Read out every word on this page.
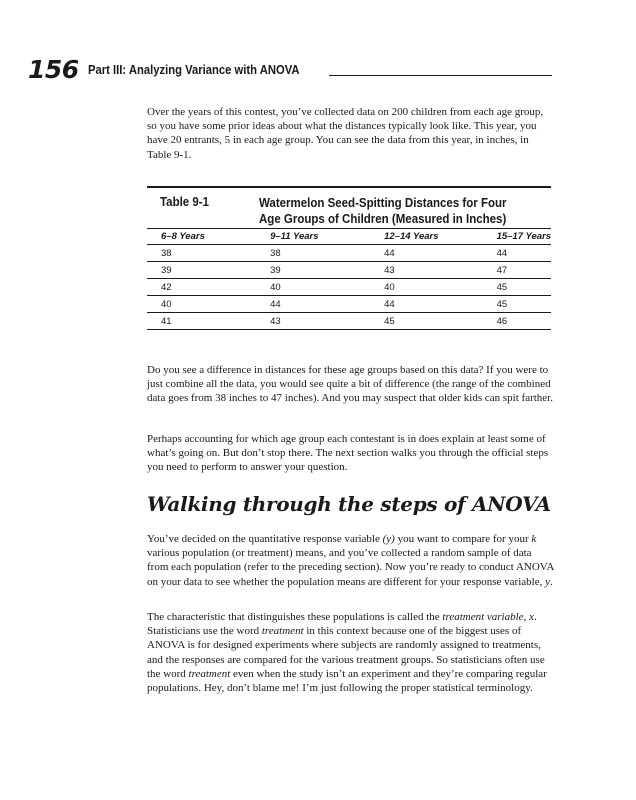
156 Part III: Analyzing Variance with ANOVA

Over the years of this contest, you’ve collected data on 200 children from each age group, so you have some prior ideas about what the distances typically look like. This year, you have 20 entrants, 5 in each age group. You can see the data from this year, in inches, in Table 9-1.

Table 9-1	Watermelon Seed-Spitting Distances for Four
Age Groups of Children (Measured in Inches)
6–8 Years	9–11 Years	12–14 Years	15–17 Years
38	38	44	44
39	39	43	47
42	40	40	45
40	44	44	45
41	43	45	46

Do you see a difference in distances for these age groups based on this data? If you were to just combine all the data, you would see quite a bit of difference (the range of the combined data goes from 38 inches to 47 inches). And you may suspect that older kids can spit farther.

Perhaps accounting for which age group each contestant is in does explain at least some of what’s going on. But don’t stop there. The next section walks you through the official steps you need to perform to answer your question.

Walking through the steps of ANOVA

You’ve decided on the quantitative response variable (y) you want to compare for your k various population (or treatment) means, and you’ve collected a random sample of data from each population (refer to the preceding section). Now you’re ready to conduct ANOVA on your data to see whether the population means are different for your response variable, y.

The characteristic that distinguishes these populations is called the treatment variable, x. Statisticians use the word treatment in this context because one of the biggest uses of ANOVA is for designed experiments where subjects are randomly assigned to treatments, and the responses are compared for the various treatment groups. So statisticians often use the word treatment even when the study isn’t an experiment and they’re comparing regular populations. Hey, don’t blame me! I’m just following the proper statistical terminology.
